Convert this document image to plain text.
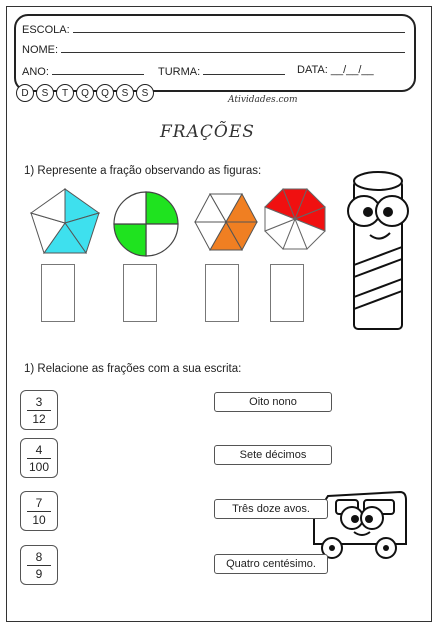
ESCOLA:
NOME:
ANO:	TURMA:	DATA: __/__/__
D	S	T	Q	Q	S	S
Atividades.com
FRAÇÕES
1) Represente a fração observando as figuras:
1) Relacione as frações com a sua escrita:
3
12
4
100
7
10
8
9
Oito nono
Sete décimos
Três doze avos.
Quatro centésimo.
